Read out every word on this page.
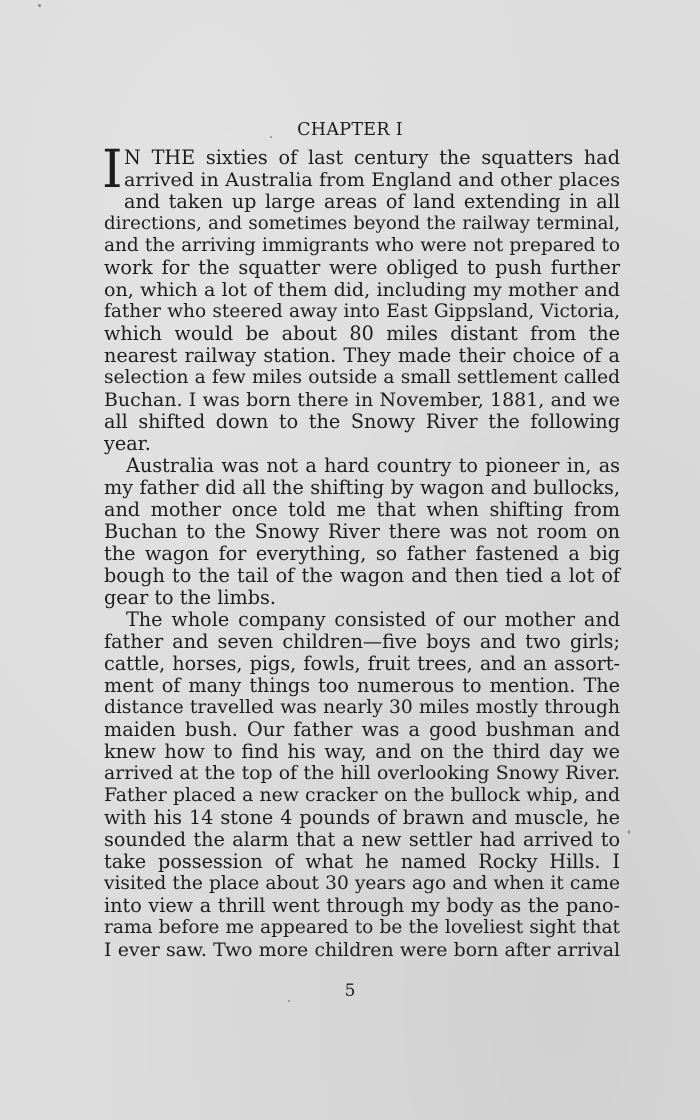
CHAPTER I
I N THE sixties of last century the squatters had
arrived in Australia from England and other places
and taken up large areas of land extending in all
directions, and sometimes beyond the railway terminal,
and the arriving immigrants who were not prepared to
work for the squatter were obliged to push further
on, which a lot of them did, including my mother and
father who steered away into East Gippsland, Victoria,
which would be about 80 miles distant from the
nearest railway station. They made their choice of a
selection a few miles outside a small settlement called
Buchan. I was born there in November, 1881, and we
all shifted down to the Snowy River the following
year.
Australia was not a hard country to pioneer in, as
my father did all the shifting by wagon and bullocks,
and mother once told me that when shifting from
Buchan to the Snowy River there was not room on
the wagon for everything, so father fastened a big
bough to the tail of the wagon and then tied a lot of
gear to the limbs.
The whole company consisted of our mother and
father and seven children—five boys and two girls;
cattle, horses, pigs, fowls, fruit trees, and an assort-
ment of many things too numerous to mention. The
distance travelled was nearly 30 miles mostly through
maiden bush. Our father was a good bushman and
knew how to find his way, and on the third day we
arrived at the top of the hill overlooking Snowy River.
Father placed a new cracker on the bullock whip, and
with his 14 stone 4 pounds of brawn and muscle, he
sounded the alarm that a new settler had arrived to
take possession of what he named Rocky Hills. I
visited the place about 30 years ago and when it came
into view a thrill went through my body as the pano-
rama before me appeared to be the loveliest sight that
I ever saw. Two more children were born after arrival
5
